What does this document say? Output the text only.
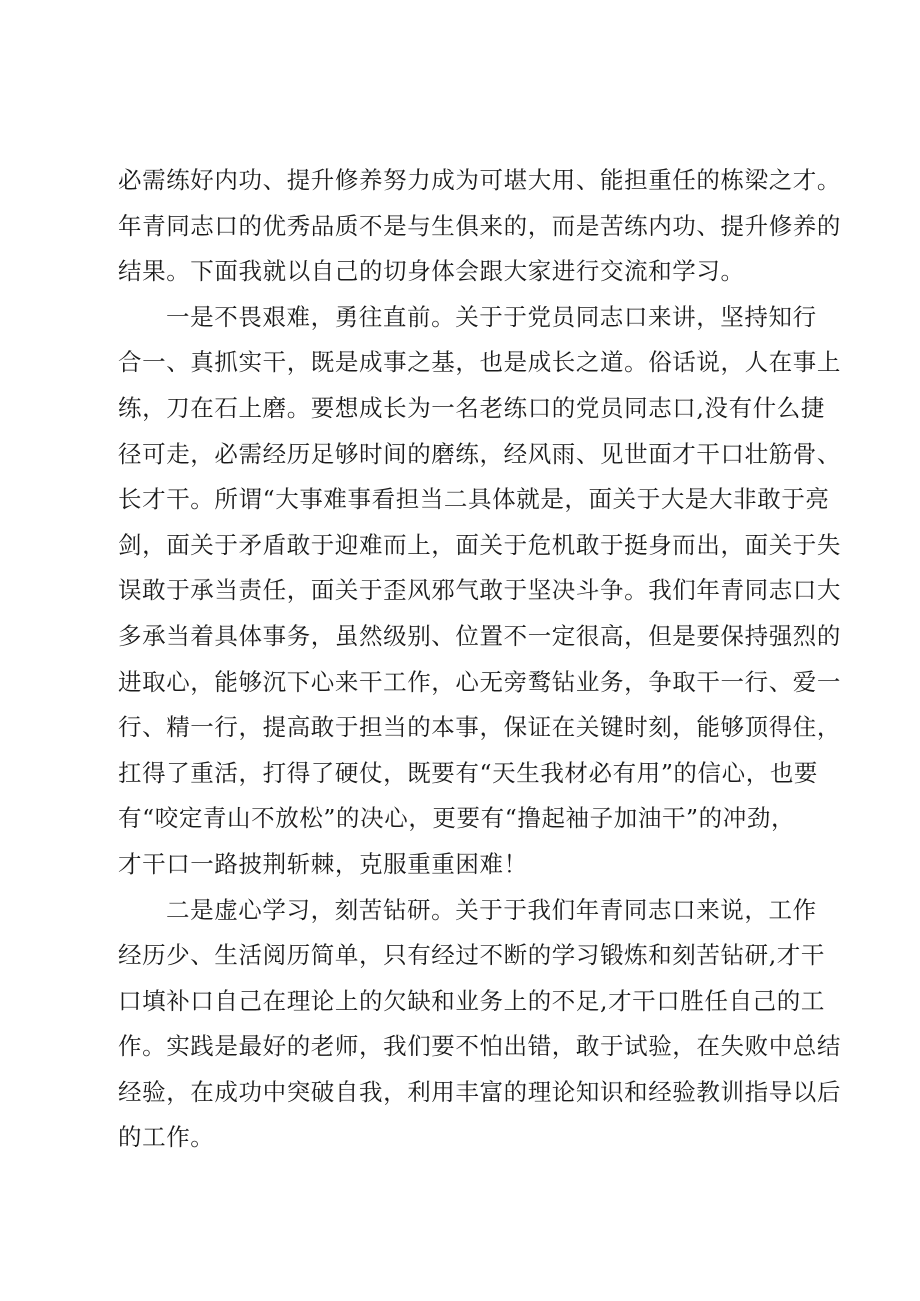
必需练好内功、提升修养努力成为可堪大用、能担重任的栋梁之才。
年青同志口的优秀品质不是与生俱来的，而是苦练内功、提升修养的
结果。下面我就以自己的切身体会跟大家进行交流和学习。
一是不畏艰难，勇往直前。关于于党员同志口来讲，坚持知行
合一、真抓实干，既是成事之基，也是成长之道。俗话说，人在事上
练，刀在石上磨。要想成长为一名老练口的党员同志口,没有什么捷
径可走，必需经历足够时间的磨练，经风雨、见世面才干口壮筋骨、
长才干。所谓“大事难事看担当二具体就是，面关于大是大非敢于亮
剑，面关于矛盾敢于迎难而上，面关于危机敢于挺身而出，面关于失
误敢于承当责任，面关于歪风邪气敢于坚决斗争。我们年青同志口大
多承当着具体事务，虽然级别、位置不一定很高，但是要保持强烈的
进取心，能够沉下心来干工作，心无旁鹜钻业务，争取干一行、爱一
行、精一行，提高敢于担当的本事，保证在关键时刻，能够顶得住，
扛得了重活，打得了硬仗，既要有“天生我材必有用”的信心，也要
有“咬定青山不放松”的决心，更要有“撸起袖子加油干”的冲劲，
才干口一路披荆斩棘，克服重重困难！
二是虚心学习，刻苦钻研。关于于我们年青同志口来说，工作
经历少、生活阅历简单，只有经过不断的学习锻炼和刻苦钻研,才干
口填补口自己在理论上的欠缺和业务上的不足,才干口胜任自己的工
作。实践是最好的老师，我们要不怕出错，敢于试验，在失败中总结
经验，在成功中突破自我，利用丰富的理论知识和经验教训指导以后
的工作。
